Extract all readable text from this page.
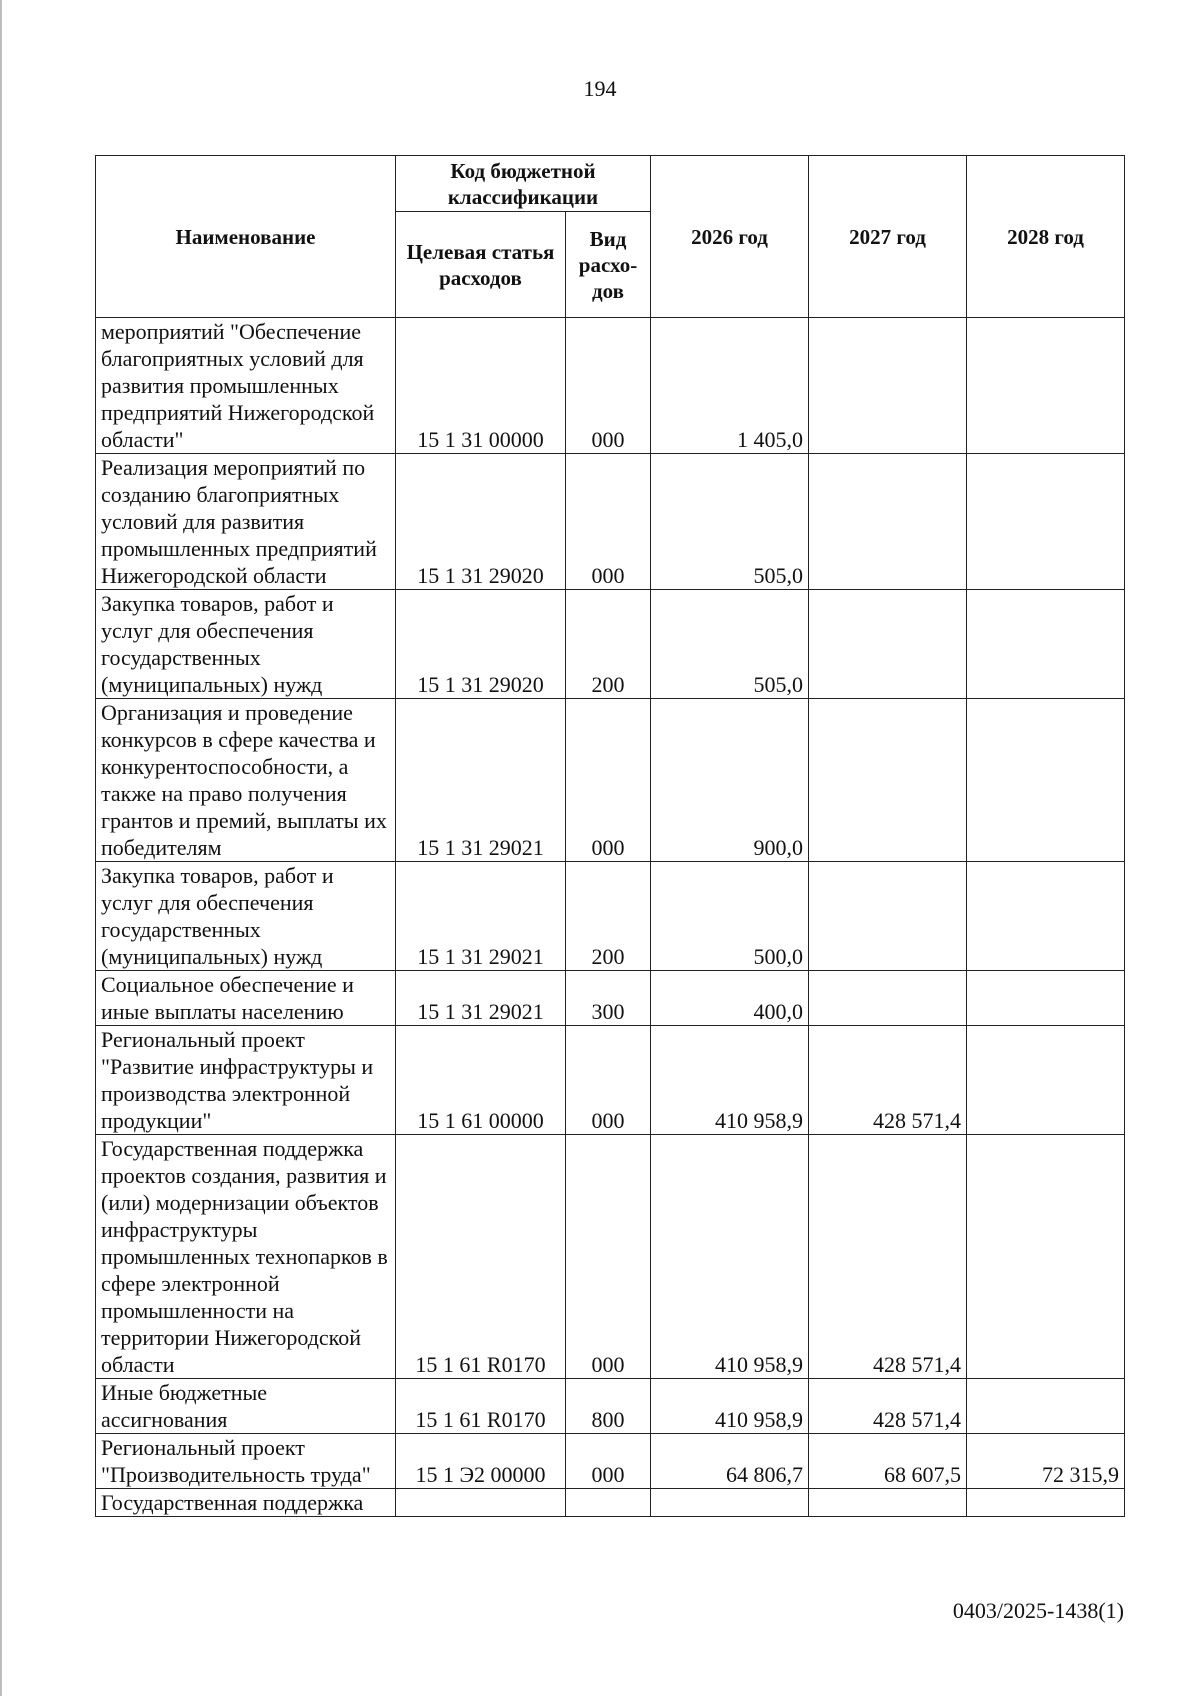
194
Наименование	Код бюджетной классификации		2026 год	2027 год	2028 год
	Целевая статья расходов	Вид расхо-дов			
мероприятий "Обеспечение благоприятных условий для развития промышленных предприятий Нижегородской области"	15 1 31 00000	000	1 405,0		
Реализация мероприятий по созданию благоприятных условий для развития промышленных предприятий Нижегородской области	15 1 31 29020	000	505,0		
Закупка товаров, работ и услуг для обеспечения государственных (муниципальных) нужд	15 1 31 29020	200	505,0		
Организация и проведение конкурсов в сфере качества и конкурентоспособности, а также на право получения грантов и премий, выплаты их победителям	15 1 31 29021	000	900,0		
Закупка товаров, работ и услуг для обеспечения государственных (муниципальных) нужд	15 1 31 29021	200	500,0		
Социальное обеспечение и иные выплаты населению	15 1 31 29021	300	400,0		
Региональный проект "Развитие инфраструктуры и производства электронной продукции"	15 1 61 00000	000	410 958,9	428 571,4	
Государственная поддержка проектов создания, развития и (или) модернизации объектов инфраструктуры промышленных технопарков в сфере электронной промышленности на территории Нижегородской области	15 1 61 R0170	000	410 958,9	428 571,4	
Иные бюджетные ассигнования	15 1 61 R0170	800	410 958,9	428 571,4	
Региональный проект "Производительность труда"	15 1 Э2 00000	000	64 806,7	68 607,5	72 315,9
Государственная поддержка					
0403/2025-1438(1)
